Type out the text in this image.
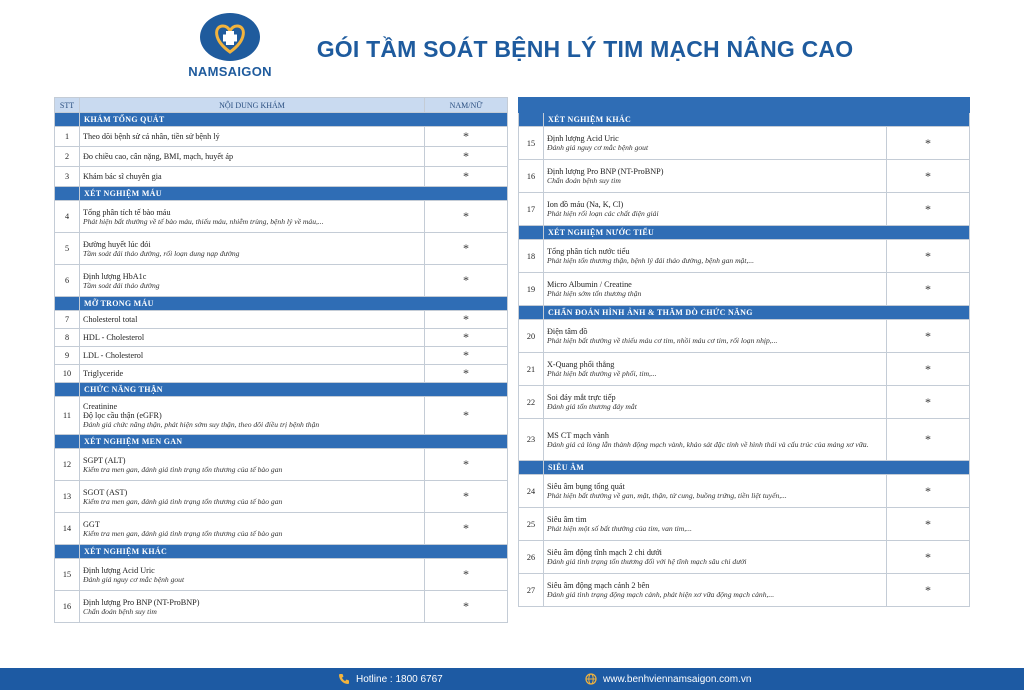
NAMSAIGON
GÓI TẦM SOÁT BỆNH LÝ TIM MẠCH NÂNG CAO
STT	NỘI DUNG KHÁM	NAM/NỮ
	KHÁM TỔNG QUÁT	
1	Theo dõi bệnh sử cá nhân, tiền sử bệnh lý	*
2	Đo chiều cao, cân nặng, BMI, mạch, huyết áp	*
3	Khám bác sĩ chuyên gia	*
	XÉT NGHIỆM MÁU	
4	Tổng phân tích tế bào máu
Phát hiện bất thường về tế bào máu, thiếu máu, nhiễm trùng, bệnh lý về máu,...	*
5	Đường huyết lúc đói
Tầm soát đái tháo đường, rối loạn dung nạp đường	*
6	Định lượng HbA1c
Tầm soát đái tháo đường	*
	MỠ TRONG MÁU	
7	Cholesterol total	*
8	HDL - Cholesterol	*
9	LDL - Cholesterol	*
10	Triglyceride	*
	CHỨC NĂNG THẬN	
11	Creatinine
Độ lọc cầu thận (eGFR)
Đánh giá chức năng thận, phát hiện sớm suy thận, theo dõi điều trị bệnh thận	*
	XÉT NGHIỆM MEN GAN	
12	SGPT (ALT)
Kiểm tra men gan, đánh giá tình trạng tổn thương của tế bào gan	*
13	SGOT (AST)
Kiểm tra men gan, đánh giá tình trạng tổn thương của tế bào gan	*
14	GGT
Kiểm tra men gan, đánh giá tình trạng tổn thương của tế bào gan	*
	XÉT NGHIỆM KHÁC	
15	Định lượng Acid Uric
Đánh giá nguy cơ mắc bệnh gout	*
16	Định lượng Pro BNP (NT-ProBNP)
Chẩn đoán bệnh suy tim	*

	XÉT NGHIỆM KHÁC	
15	Định lượng Acid Uric
Đánh giá nguy cơ mắc bệnh gout	*
16	Định lượng Pro BNP (NT-ProBNP)
Chẩn đoán bệnh suy tim	*
17	Ion đồ máu (Na, K, Cl)
Phát hiện rối loạn các chất điện giải	*
	XÉT NGHIỆM NƯỚC TIỂU	
18	Tổng phân tích nước tiểu
Phát hiện tổn thương thận, bệnh lý đái tháo đường, bệnh gan mật,...	*
19	Micro Albumin / Creatine
Phát hiện sớm tổn thương thận	*
	CHẨN ĐOÁN HÌNH ẢNH & THĂM DÒ CHỨC NĂNG	
20	Điện tâm đồ
Phát hiện bất thường về thiếu máu cơ tim, nhồi máu cơ tim, rối loạn nhịp,...	*
21	X-Quang phổi thẳng
Phát hiện bất thường về phổi, tim,...	*
22	Soi đáy mắt trực tiếp
Đánh giá tổn thương đáy mắt	*
23	MS CT mạch vành
Đánh giá cả lòng lẫn thành động mạch vành, khảo sát đặc tính về hình thái và cấu trúc của mảng xơ vữa.	*
	SIÊU ÂM	
24	Siêu âm bụng tổng quát
Phát hiện bất thường về gan, mật, thận, tử cung, buồng trứng, tiền liệt tuyến,...	*
25	Siêu âm tim
Phát hiện một số bất thường của tim, van tim,...	*
26	Siêu âm động tĩnh mạch 2 chi dưới
Đánh giá tình trạng tổn thương đối với hệ tĩnh mạch sâu chi dưới	*
27	Siêu âm động mạch cảnh 2 bên
Đánh giá tình trạng động mạch cảnh, phát hiện xơ vữa động mạch cảnh,...	*
Hotline : 1800 6767	www.benhviennamsaigon.com.vn
